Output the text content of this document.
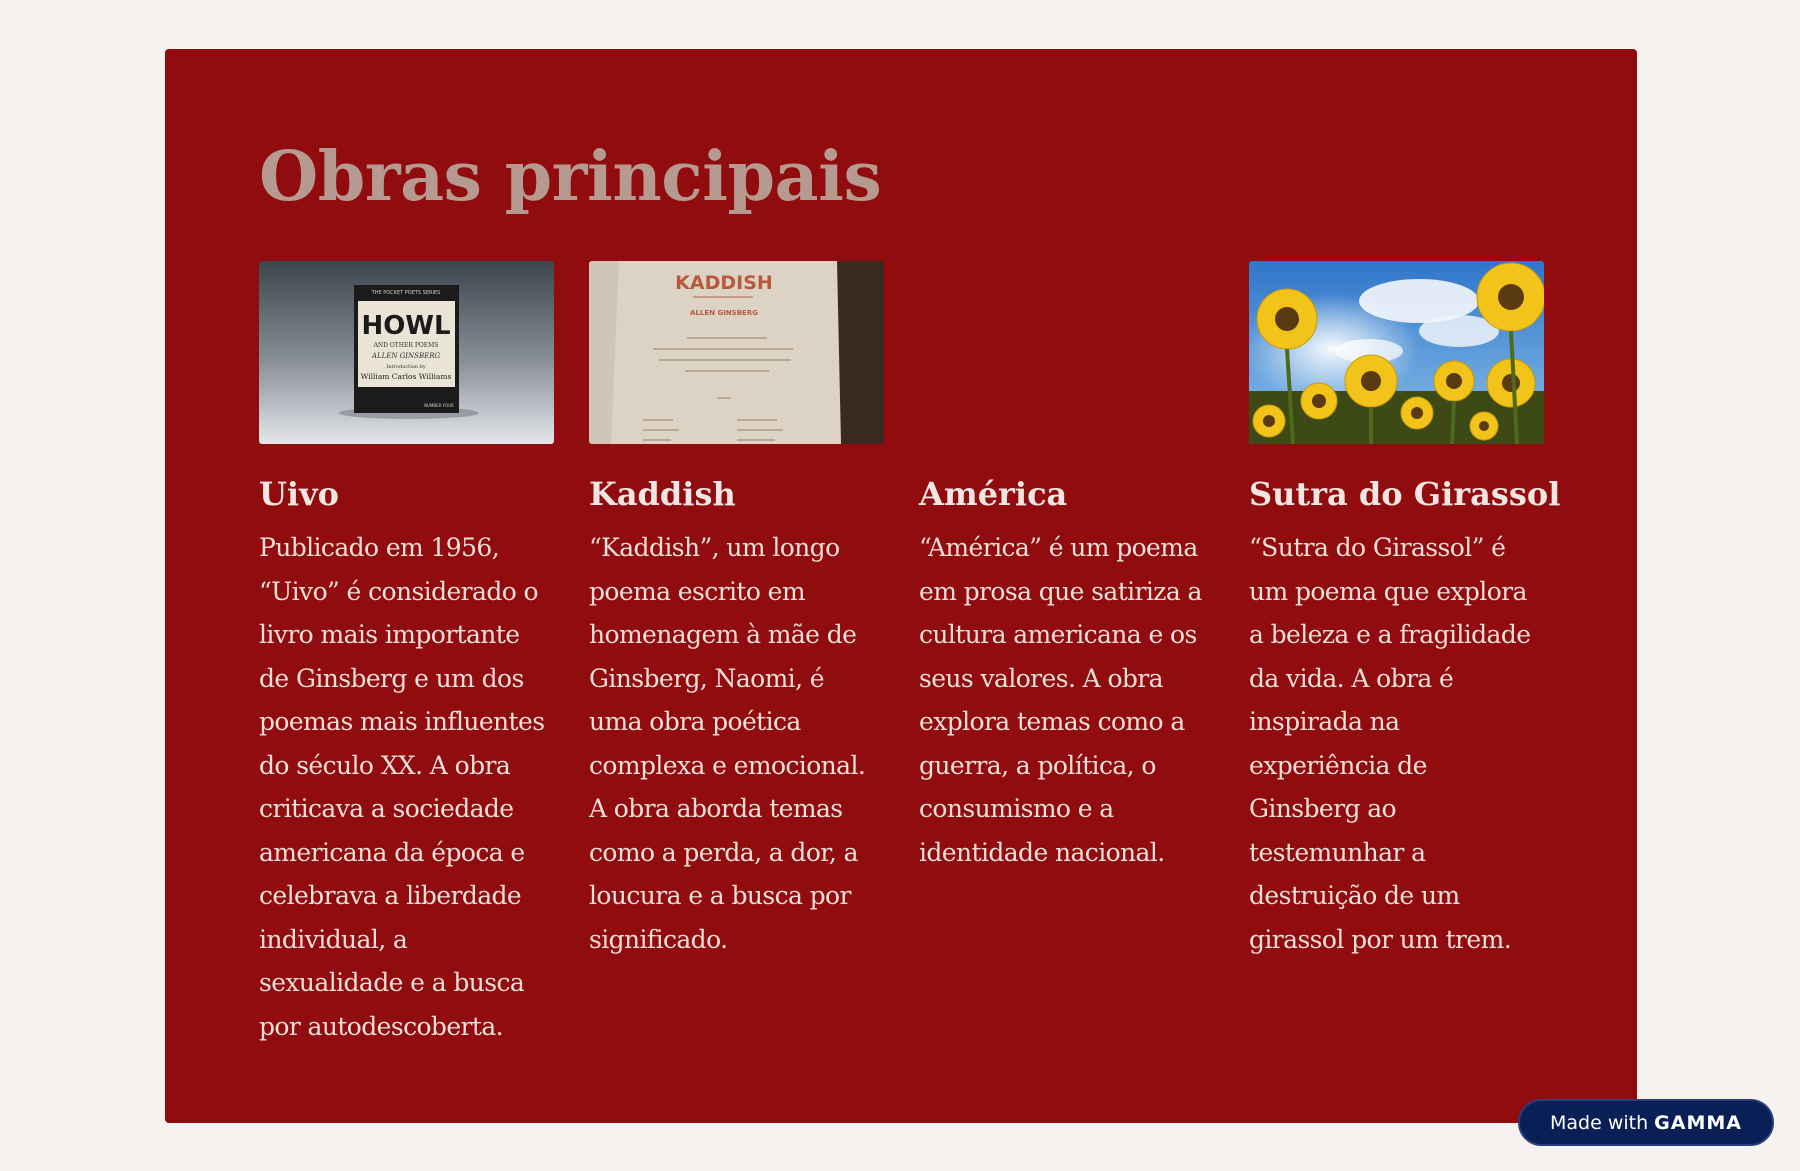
Obras principais
THE POCKET POETS SERIES
HOWL
AND OTHER POEMS
ALLEN GINSBERG
Introduction by
William Carlos Williams
NUMBER FOUR
Uivo

Publicado em 1956, “Uivo” é considerado o livro mais importante de Ginsberg e um dos poemas mais influentes do século XX. A obra criticava a sociedade americana da época e celebrava a liberdade individual, a sexualidade e a busca por autodescoberta.

KADDISH
ALLEN GINSBERG
Kaddish

“Kaddish”, um longo poema escrito em homenagem à mãe de Ginsberg, Naomi, é uma obra poética complexa e emocional. A obra aborda temas como a perda, a dor, a loucura e a busca por significado.

América

“América” é um poema em prosa que satiriza a cultura americana e os seus valores. A obra explora temas como a guerra, a política, o consumismo e a identidade nacional.

Sutra do Girassol

“Sutra do Girassol” é um poema que explora a beleza e a fragilidade da vida. A obra é inspirada na experiência de Ginsberg ao testemunhar a destruição de um girassol por um trem.

Made with GAMMA
